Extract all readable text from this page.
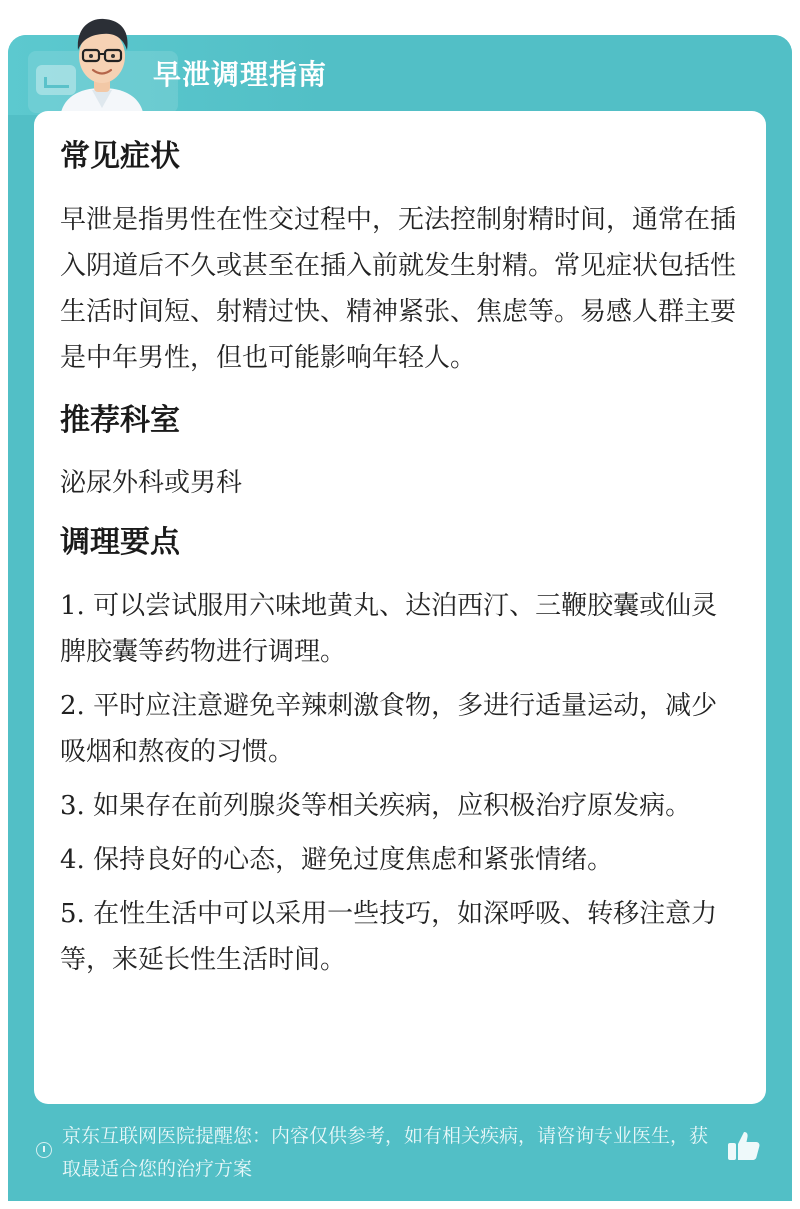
早泄调理指南
常见症状
早泄是指男性在性交过程中，无法控制射精时间，通常在插入阴道后不久或甚至在插入前就发生射精。常见症状包括性生活时间短、射精过快、精神紧张、焦虑等。易感人群主要是中年男性，但也可能影响年轻人。
推荐科室
泌尿外科或男科
调理要点
1. 可以尝试服用六味地黄丸、达泊西汀、三鞭胶囊或仙灵脾胶囊等药物进行调理。
2. 平时应注意避免辛辣刺激食物，多进行适量运动，减少吸烟和熬夜的习惯。
3. 如果存在前列腺炎等相关疾病，应积极治疗原发病。
4. 保持良好的心态，避免过度焦虑和紧张情绪。
5. 在性生活中可以采用一些技巧，如深呼吸、转移注意力等，来延长性生活时间。
京东互联网医院提醒您：内容仅供参考，如有相关疾病，请咨询专业医生，获取最适合您的治疗方案
